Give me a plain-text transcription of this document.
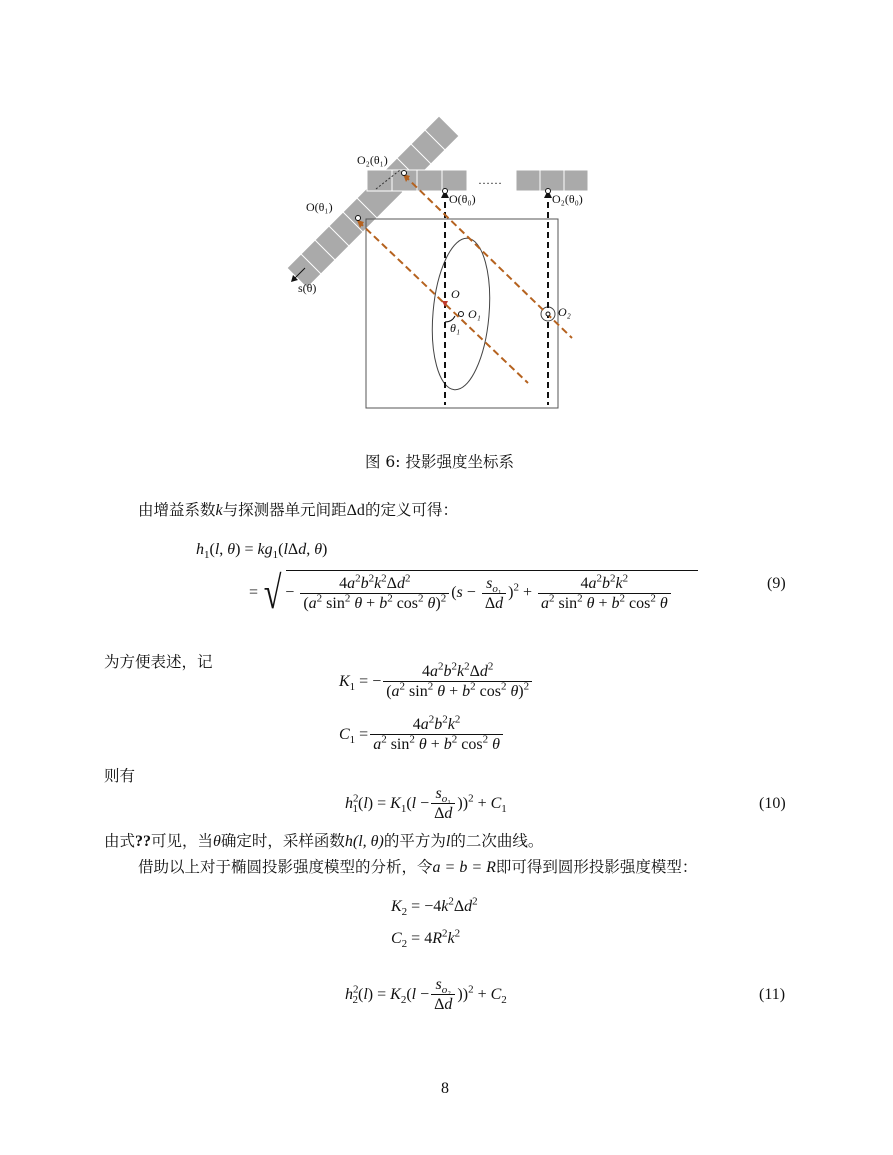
O₂(θ₁)
O(θ₁)
O(θ₀)	O₂(θ₀)
s(θ)	O
O₁	O₂
θ₁
……
图 6: 投影强度坐标系
由增益系数k与探测器单元间距Δd的定义可得：
$h_1(l$, $\theta) = kg_1(l\Delta d$, θ)
= √ − $\frac{4a^2b^2k^2\Delta d^2}{(a^2 \sin^2 \theta + b^2 \cos^2 \theta)^2} (s - \frac{s_{o_1}}{\Delta d} )^2 + \frac{4a^2b^2k^2}{a^2 \sin^2 \theta + b^2 \cos^2 \theta}$	(9)
为方便表述，记
$K_1$ = − $\frac{4a^2b^2k^2\Delta d^2}{(a^2 \sin^2 \theta + b^2 \cos^2 \theta)^2}$
$C_1 = \frac{4a^2b^2k^2}{a^2 \sin^2 \theta + b^2 \cos^2 \theta}$
则有
$h^2_1(l) = K_1(l - \frac{s_{o_1}}{\Delta d} ))^2 + C_1$	(10)
由式??可见，当θ确定时，采样函数h(l, θ)的平方为l的二次曲线。
借助以上对于椭圆投影强度模型的分析，令a = b = R即可得到圆形投影强度模型：
$K_2 = -4k^2\Delta d^2$
$C_2 = 4R^2k^2$
$h^2_2(l) = K_2(l - \frac{s_{o_2}}{\Delta d} ))^2 + C_2$	(11)
8
